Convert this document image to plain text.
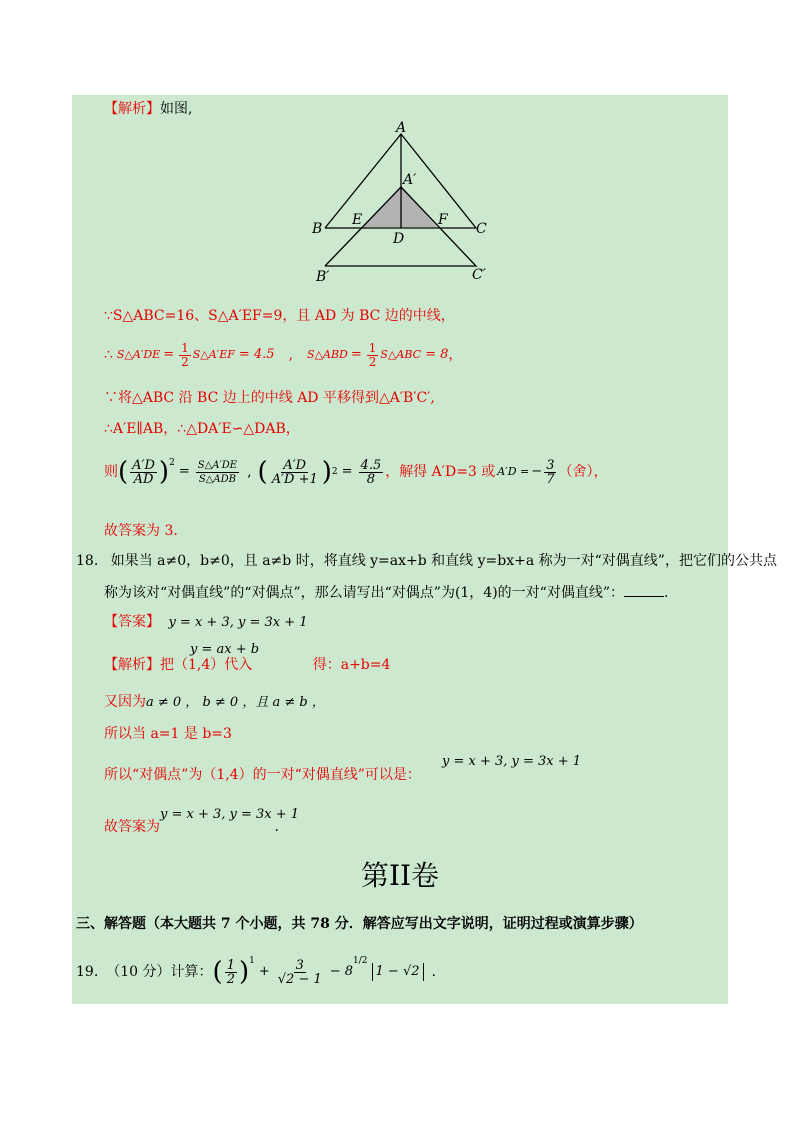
【解析】如图,
A
A′
B	C
E	F
D
B′	C′
∵S△ABC=16、S△A′EF=9，且 AD 为 BC 边的中线，
∴ S△A′DE = $\frac{1}{2}$ S△A′EF = 4.5 , S△ABD = $\frac{1}{2}$ S△ABC = 8 ，
∵将△ABC 沿 BC 边上的中线 AD 平移得到△A′B′C′,
∴A′E∥AB，∴△DA′E∽△DAB，
则 ( $\frac{A'D}{AD} )^2$
= $\frac{S\triangle A'DE}{\text{S△ADB}}$ , ( $\frac{A'D}{A'D +1}$ ) $2 = \frac{4.5}{8}$ ，解得 A′D=3 或 A′D = − $\frac{3}{7}$ （舍），
故答案为 3.
18. 如果当 a≠0，b≠0，且 a≠b 时，将直线 y=ax+b 和直线 y=bx+a 称为一对“对偶直线”，把它们的公共点
称为该对“对偶直线”的“对偶点”，那么请写出“对偶点”为(1，4)的一对“对偶直线”：	.
【答案】 y = x + 3, y = 3x + 1
y = ax + b
【解析】把（1,4）代入	得：a+b=4
又因为a ≠ 0 ， b ≠ 0 ，且 a ≠ b ，
所以当 a=1 是 b=3
y = x + 3, y = 3x + 1
所以“对偶点”为（1,4）的一对“对偶直线”可以是：
y = x + 3, y = 3x + 1
故答案为	.
第II卷
三、解答题（本大题共 7 个小题，共 78 分．解答应写出文字说明，证明过程或演算步骤）
19. （10 分）计算： ( $\frac{1}{2} )^1$
+ $\frac{3}{√2 - 1} - 8$
$^{1/2}$
1 − √2 .
